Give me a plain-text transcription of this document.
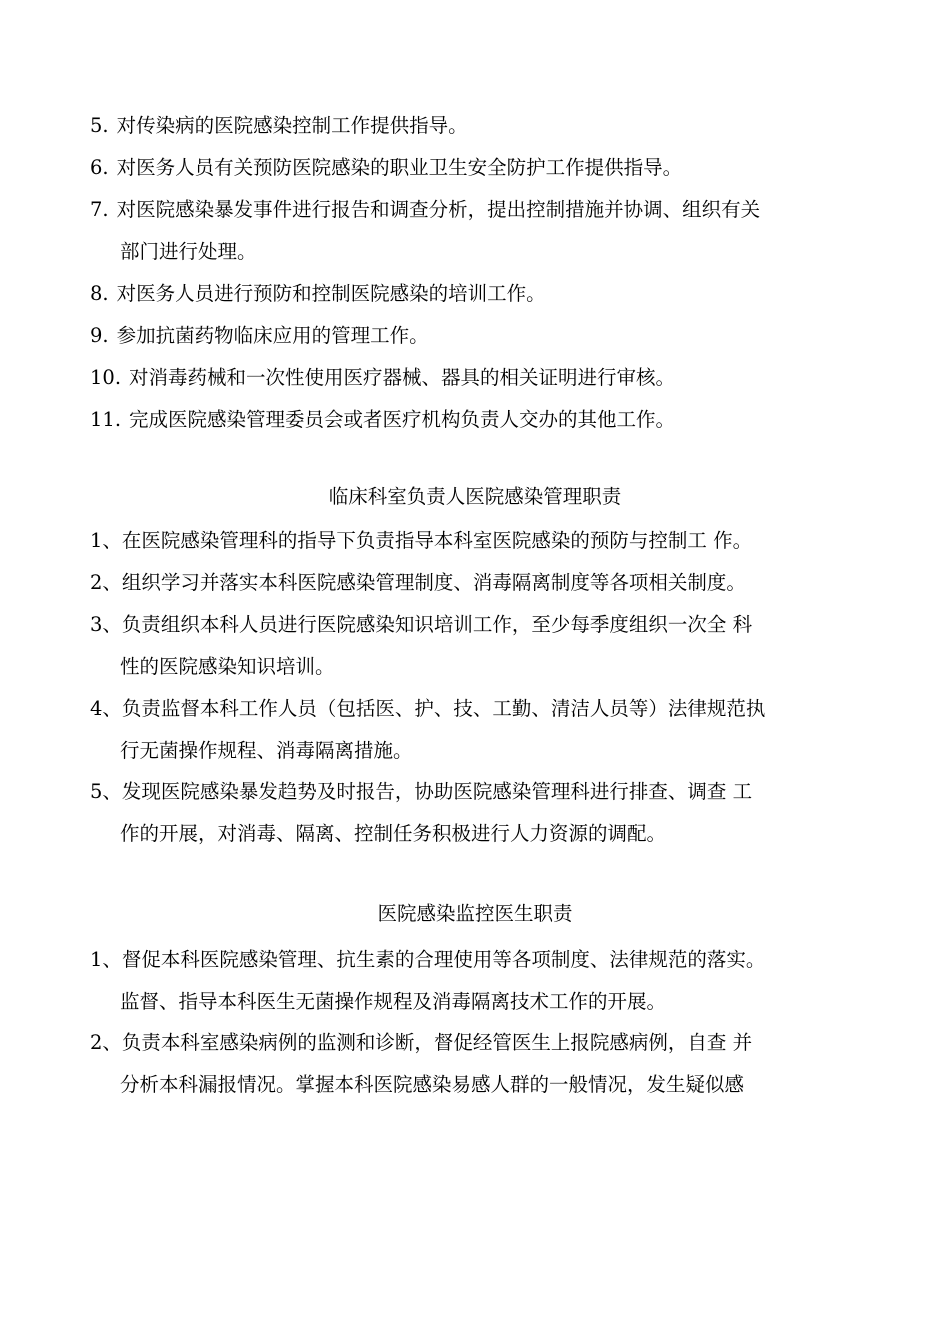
5. 对传染病的医院感染控制工作提供指导。
6. 对医务人员有关预防医院感染的职业卫生安全防护工作提供指导。
7. 对医院感染暴发事件进行报告和调查分析，提出控制措施并协调、组织有关
部门进行处理。
8. 对医务人员进行预防和控制医院感染的培训工作。
9. 参加抗菌药物临床应用的管理工作。
10. 对消毒药械和一次性使用医疗器械、器具的相关证明进行审核。
11. 完成医院感染管理委员会或者医疗机构负责人交办的其他工作。
临床科室负责人医院感染管理职责
1、在医院感染管理科的指导下负责指导本科室医院感染的预防与控制工 作。
2、组织学习并落实本科医院感染管理制度、消毒隔离制度等各项相关制度。
3、负责组织本科人员进行医院感染知识培训工作，至少每季度组织一次全 科
性的医院感染知识培训。
4、负责监督本科工作人员（包括医、护、技、工勤、清洁人员等）法律规范执
行无菌操作规程、消毒隔离措施。
5、发现医院感染暴发趋势及时报告，协助医院感染管理科进行排查、调查 工
作的开展，对消毒、隔离、控制任务积极进行人力资源的调配。
医院感染监控医生职责
1、督促本科医院感染管理、抗生素的合理使用等各项制度、法律规范的落实。
监督、指导本科医生无菌操作规程及消毒隔离技术工作的开展。
2、负责本科室感染病例的监测和诊断，督促经管医生上报院感病例，自查 并
分析本科漏报情况。掌握本科医院感染易感人群的一般情况，发生疑似感
